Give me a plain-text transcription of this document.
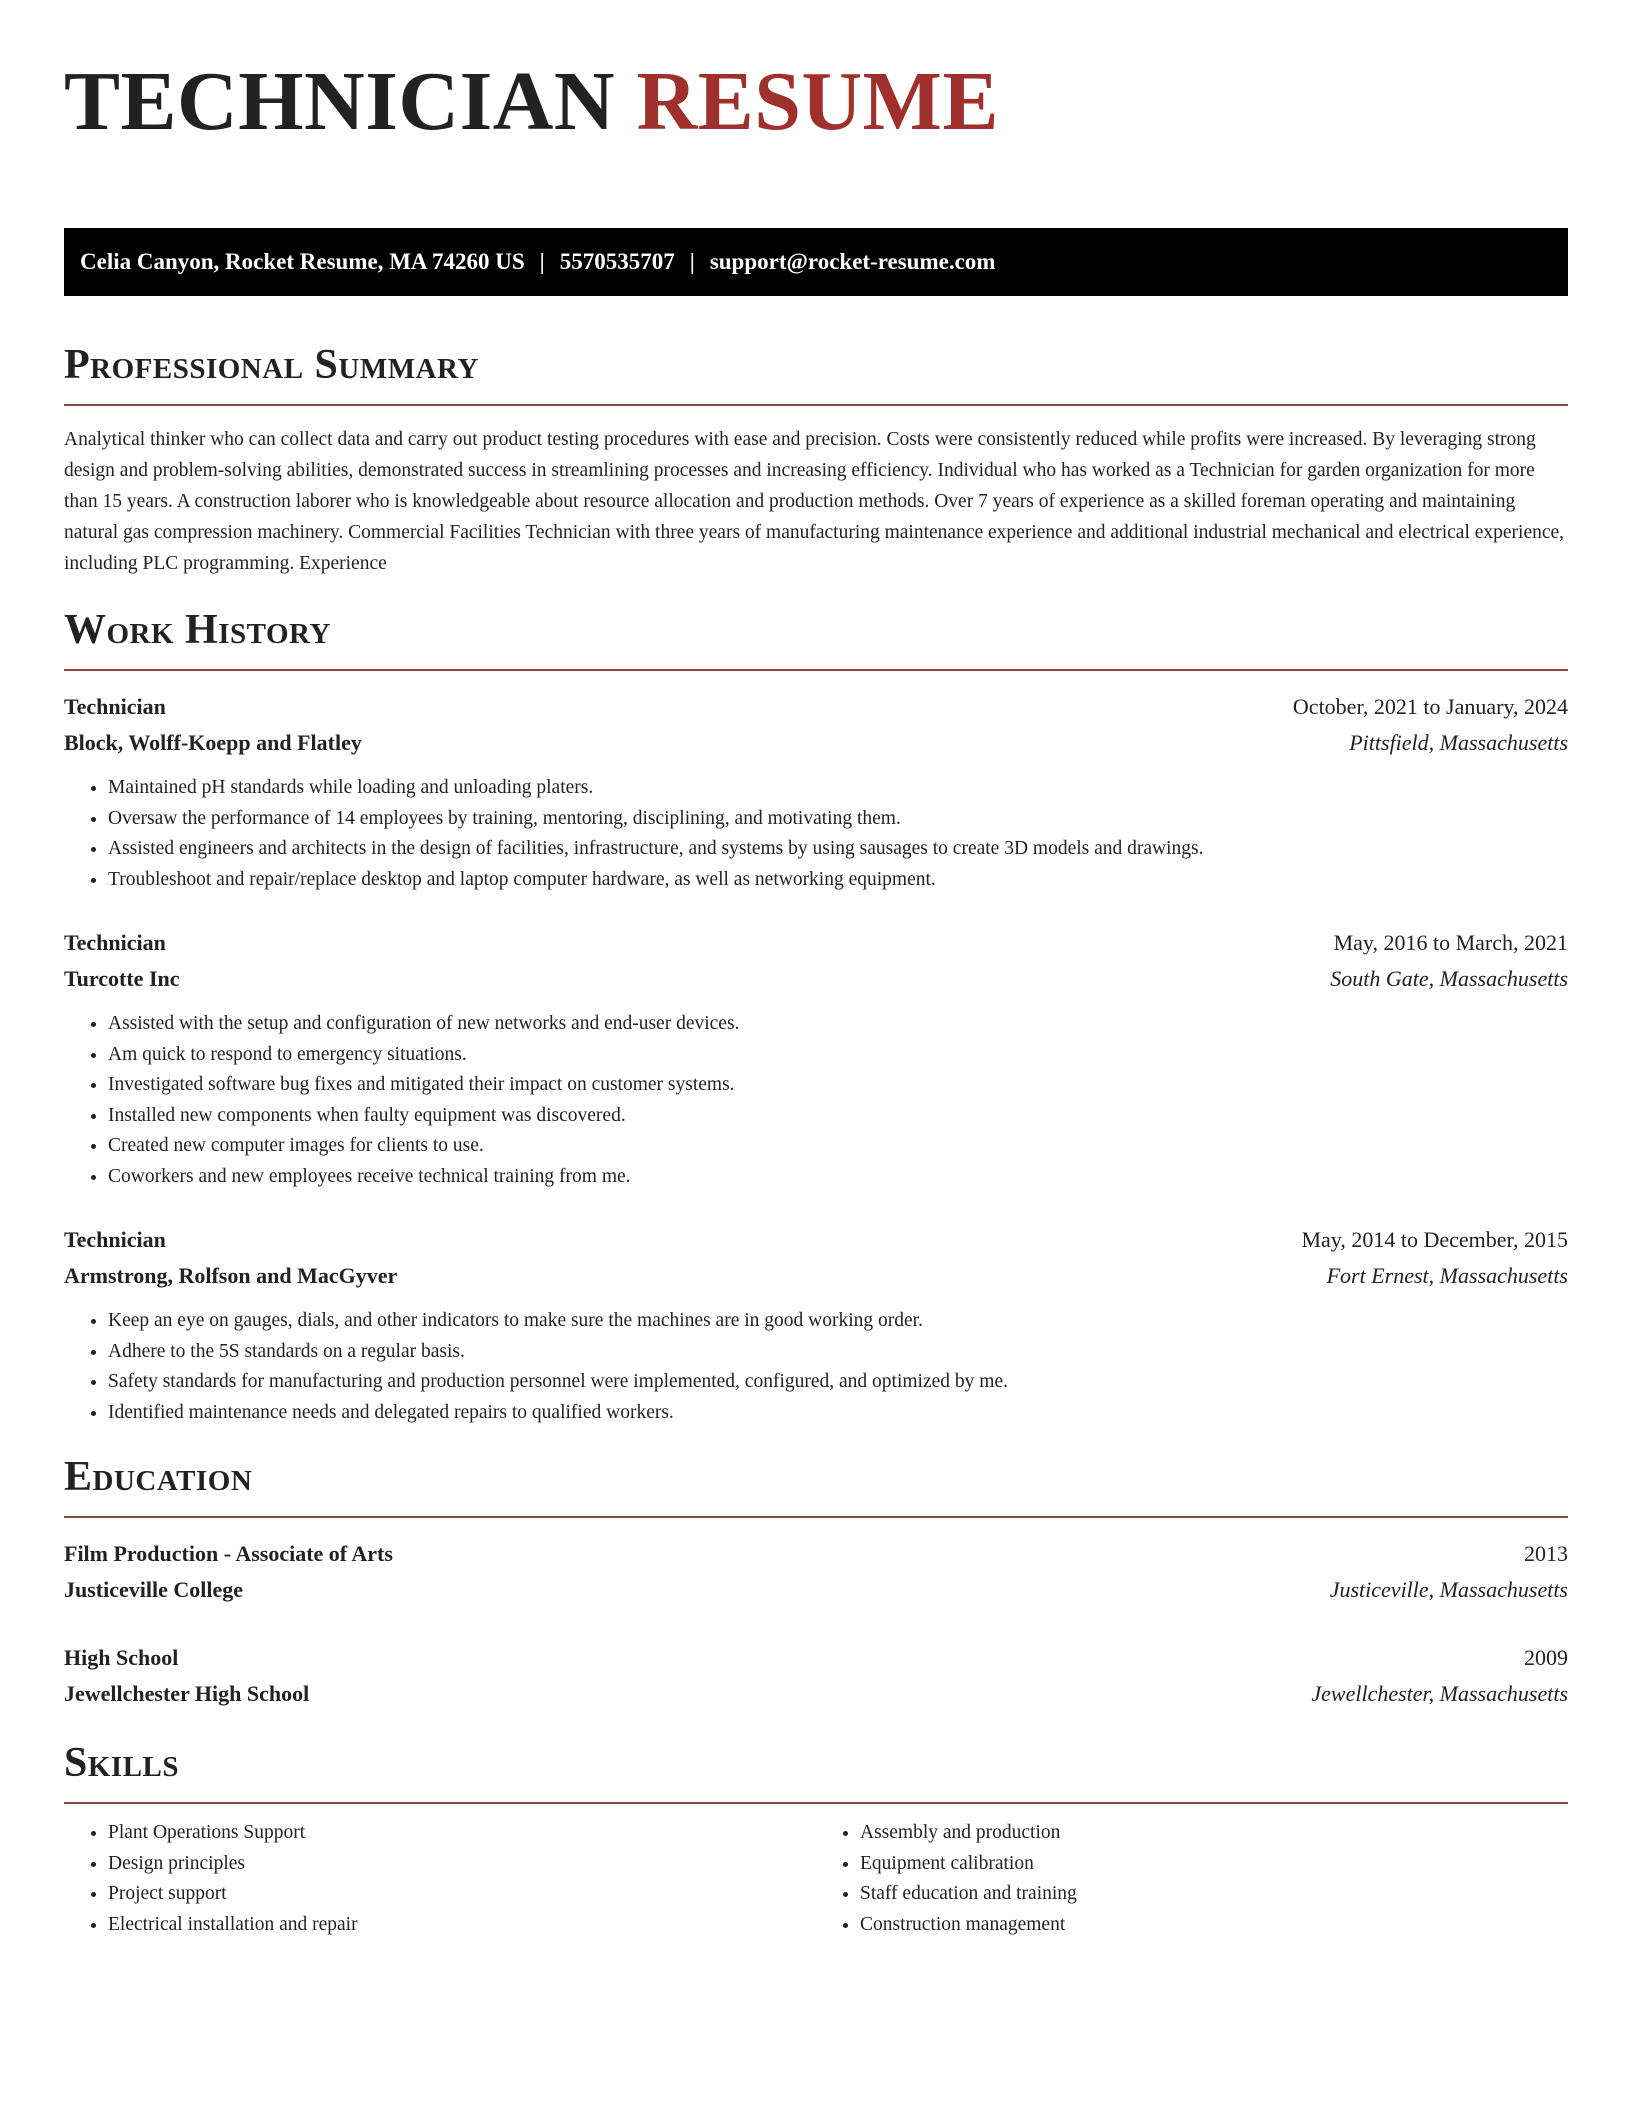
TECHNICIAN RESUME
Celia Canyon, Rocket Resume, MA 74260 US | 5570535707 | support@rocket-resume.com
Professional Summary
Analytical thinker who can collect data and carry out product testing procedures with ease and precision. Costs were consistently reduced while profits were increased. By leveraging strong design and problem-solving abilities, demonstrated success in streamlining processes and increasing efficiency. Individual who has worked as a Technician for garden organization for more than 15 years. A construction laborer who is knowledgeable about resource allocation and production methods. Over 7 years of experience as a skilled foreman operating and maintaining natural gas compression machinery. Commercial Facilities Technician with three years of manufacturing maintenance experience and additional industrial mechanical and electrical experience, including PLC programming. Experience
Work History
Technician	October, 2021 to January, 2024
Block, Wolff-Koepp and Flatley	Pittsfield, Massachusetts
• Maintained pH standards while loading and unloading platers.
• Oversaw the performance of 14 employees by training, mentoring, disciplining, and motivating them.
• Assisted engineers and architects in the design of facilities, infrastructure, and systems by using sausages to create 3D models and drawings.
• Troubleshoot and repair/replace desktop and laptop computer hardware, as well as networking equipment.
Technician	May, 2016 to March, 2021
Turcotte Inc	South Gate, Massachusetts
• Assisted with the setup and configuration of new networks and end-user devices.
• Am quick to respond to emergency situations.
• Investigated software bug fixes and mitigated their impact on customer systems.
• Installed new components when faulty equipment was discovered.
• Created new computer images for clients to use.
• Coworkers and new employees receive technical training from me.
Technician	May, 2014 to December, 2015
Armstrong, Rolfson and MacGyver	Fort Ernest, Massachusetts
• Keep an eye on gauges, dials, and other indicators to make sure the machines are in good working order.
• Adhere to the 5S standards on a regular basis.
• Safety standards for manufacturing and production personnel were implemented, configured, and optimized by me.
• Identified maintenance needs and delegated repairs to qualified workers.
Education
Film Production - Associate of Arts	2013
Justiceville College	Justiceville, Massachusetts
High School	2009
Jewellchester High School	Jewellchester, Massachusetts
Skills
• Plant Operations Support
• Design principles
• Project support
• Electrical installation and repair
• Assembly and production
• Equipment calibration
• Staff education and training
• Construction management
